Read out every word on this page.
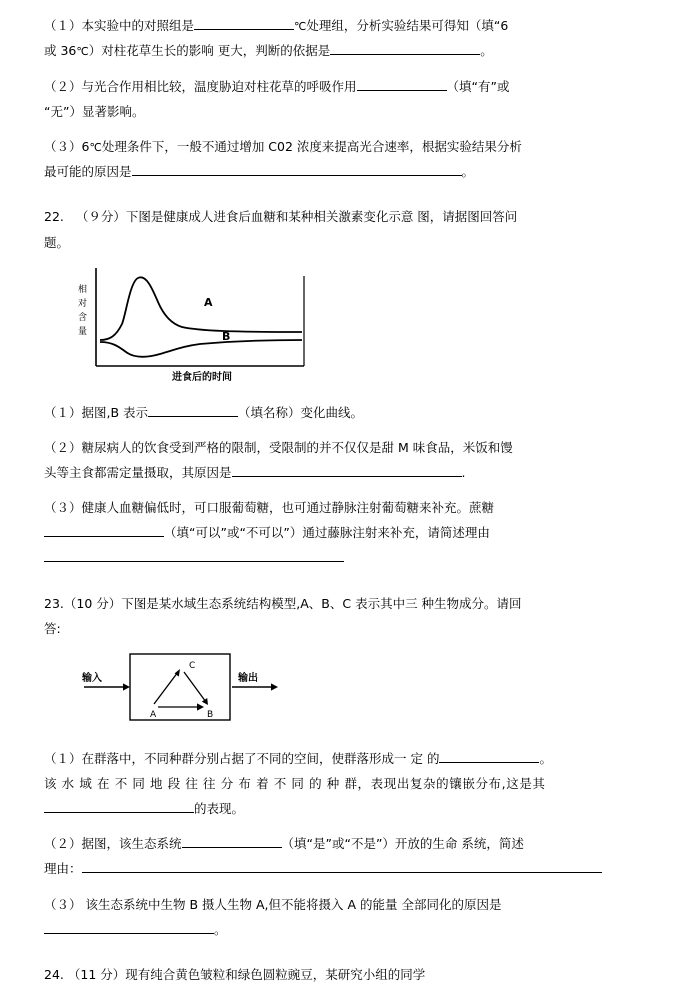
（１）本实验中的对照组是	℃处理组，分析实验结果可得知（填“6

或 36℃）对柱花草生长的影响 更大，判断的依据是	。

（２）与光合作用相比较，温度胁迫对柱花草的呼吸作用	（填“有”或

“无”）显著影响。

（３）6℃处理条件下，一般不通过增加 C02 浓度来提高光合速率，根据实验结果分析

最可能的原因是	。

22. （９分）下图是健康成人进食后血糖和某种相关激素变化示意 图，请据图回答问

题。

A
B
相
对
含
量
进食后的时间

（１）据图,B 表示	（填名称）变化曲线。

（２）糖尿病人的饮食受到严格的限制，受限制的并不仅仅是甜 M 味食品，米饭和馒

头等主食都需定量摄取，其原因是	.

（３）健康人血糖偏低时，可口服葡萄糖，也可通过静脉注射葡萄糖来补充。蔗糖

（填“可以”或“不可以”）通过藤脉注射来补充，请简述理由

23.（10 分）下图是某水域生态系统结构模型,A、B、C 表示其中三 种生物成分。请回

答:

C
A	B
输入	输出

（１）在群落中，不同种群分别占据了不同的空间，使群落形成一 定 的	。

该 水 域 在 不 同 地 段 往 往 分 布 着 不 同 的 种 群，表现出复杂的镶嵌分布,这是其

的表现。

（２）据图，该生态系统	（填“是”或“不是”）开放的生命 系统，简述

理由：

（３） 该生态系统中生物 B 摄人生物 A,但不能将摄入 A 的能量 全部同化的原因是

。

24. （11 分）现有纯合黄色皱粒和绿色圆粒豌豆，某研究小组的同学
